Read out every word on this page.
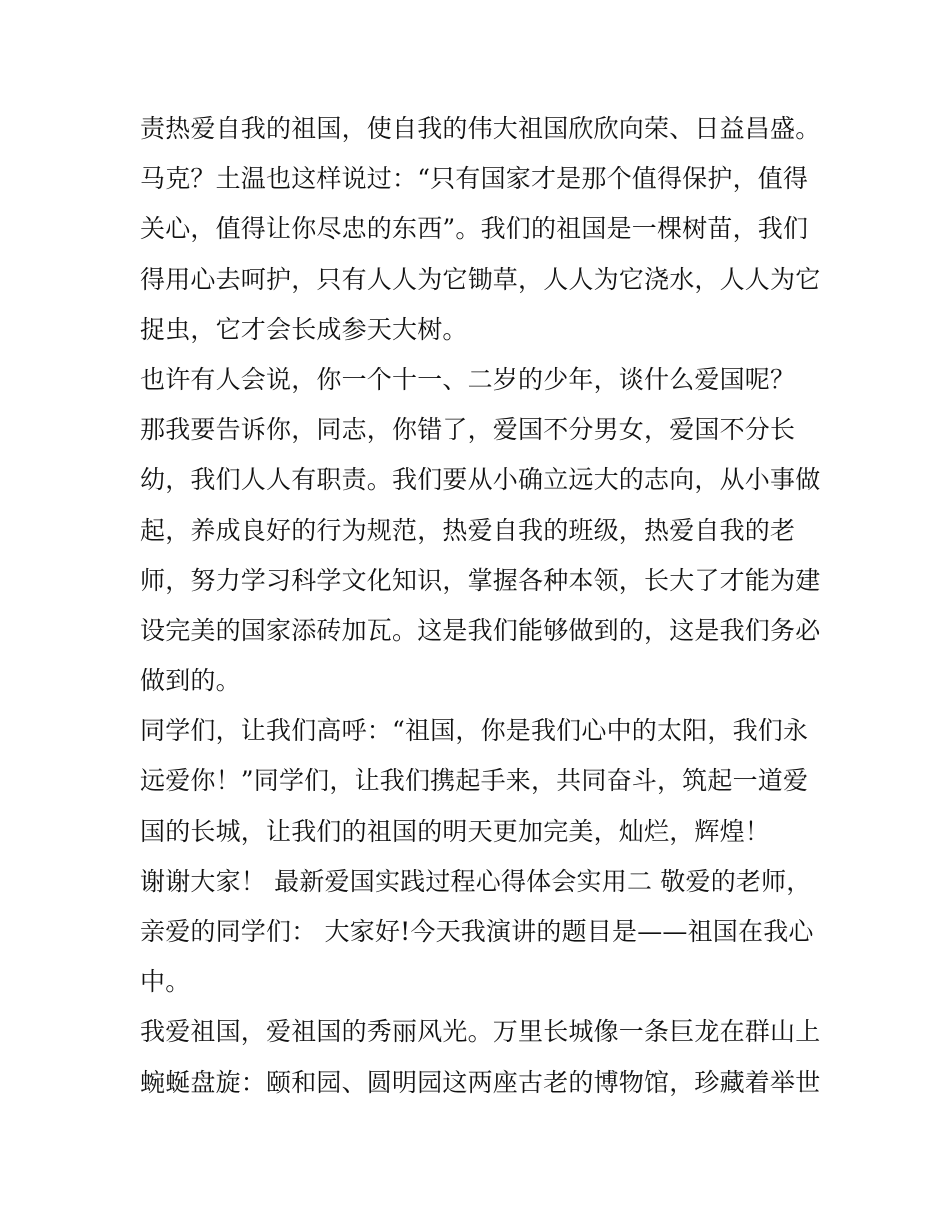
责热爱自我的祖国，使自我的伟大祖国欣欣向荣、日益昌盛。
马克？土温也这样说过：“只有国家才是那个值得保护，值得
关心，值得让你尽忠的东西”。我们的祖国是一棵树苗，我们
得用心去呵护，只有人人为它锄草，人人为它浇水，人人为它
捉虫，它才会长成参天大树。
也许有人会说，你一个十一、二岁的少年，谈什么爱国呢？
那我要告诉你，同志，你错了，爱国不分男女，爱国不分长
幼，我们人人有职责。我们要从小确立远大的志向，从小事做
起，养成良好的行为规范，热爱自我的班级，热爱自我的老
师，努力学习科学文化知识，掌握各种本领，长大了才能为建
设完美的国家添砖加瓦。这是我们能够做到的，这是我们务必
做到的。
同学们，让我们高呼：“祖国，你是我们心中的太阳，我们永
远爱你！”同学们，让我们携起手来，共同奋斗，筑起一道爱
国的长城，让我们的祖国的明天更加完美，灿烂，辉煌！
谢谢大家！ 最新爱国实践过程心得体会实用二 敬爱的老师，
亲爱的同学们： 大家好!今天我演讲的题目是——祖国在我心
中。
我爱祖国，爱祖国的秀丽风光。万里长城像一条巨龙在群山上
蜿蜒盘旋：颐和园、圆明园这两座古老的博物馆，珍藏着举世
